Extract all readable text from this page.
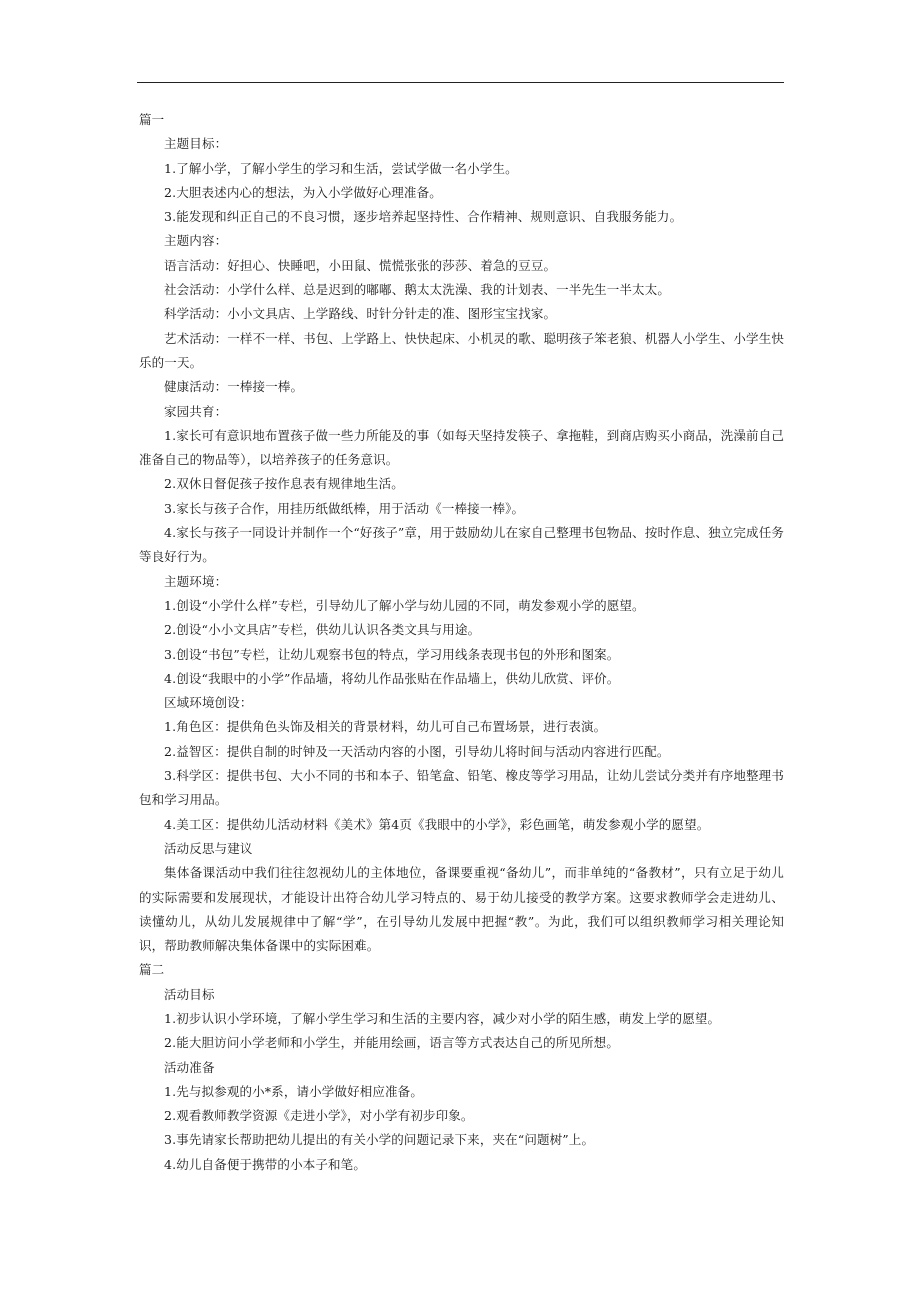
篇一

主题目标：

1.了解小学，了解小学生的学习和生活，尝试学做一名小学生。

2.大胆表述内心的想法，为入小学做好心理准备。

3.能发现和纠正自己的不良习惯，逐步培养起坚持性、合作精神、规则意识、自我服务能力。

主题内容：

语言活动：好担心、快睡吧，小田鼠、慌慌张张的莎莎、着急的豆豆。

社会活动：小学什么样、总是迟到的嘟嘟、鹅太太洗澡、我的计划表、一半先生一半太太。

科学活动：小小文具店、上学路线、时针分针走的准、图形宝宝找家。

艺术活动：一样不一样、书包、上学路上、快快起床、小机灵的歌、聪明孩子笨老狼、机器人小学生、小学生快乐的一天。

健康活动：一棒接一棒。

家园共育：

1.家长可有意识地布置孩子做一些力所能及的事（如每天坚持发筷子、拿拖鞋，到商店购买小商品，洗澡前自己准备自己的物品等），以培养孩子的任务意识。

2.双休日督促孩子按作息表有规律地生活。

3.家长与孩子合作，用挂历纸做纸棒，用于活动《一棒接一棒》。

4.家长与孩子一同设计并制作一个“好孩子”章，用于鼓励幼儿在家自己整理书包物品、按时作息、独立完成任务等良好行为。

主题环境：

1.创设“小学什么样”专栏，引导幼儿了解小学与幼儿园的不同，萌发参观小学的愿望。

2.创设“小小文具店”专栏，供幼儿认识各类文具与用途。

3.创设“书包”专栏，让幼儿观察书包的特点，学习用线条表现书包的外形和图案。

4.创设“我眼中的小学”作品墙，将幼儿作品张贴在作品墙上，供幼儿欣赏、评价。

区域环境创设：

1.角色区：提供角色头饰及相关的背景材料，幼儿可自己布置场景，进行表演。

2.益智区：提供自制的时钟及一天活动内容的小图，引导幼儿将时间与活动内容进行匹配。

3.科学区：提供书包、大小不同的书和本子、铅笔盒、铅笔、橡皮等学习用品，让幼儿尝试分类并有序地整理书包和学习用品。

4.美工区：提供幼儿活动材料《美术》第4页《我眼中的小学》，彩色画笔，萌发参观小学的愿望。

活动反思与建议

集体备课活动中我们往往忽视幼儿的主体地位，备课要重视“备幼儿”，而非单纯的“备教材”，只有立足于幼儿的实际需要和发展现状，才能设计出符合幼儿学习特点的、易于幼儿接受的教学方案。这要求教师学会走进幼儿、读懂幼儿，从幼儿发展规律中了解“学”，在引导幼儿发展中把握“教”。为此，我们可以组织教师学习相关理论知识，帮助教师解决集体备课中的实际困难。

篇二

活动目标

1.初步认识小学环境，了解小学生学习和生活的主要内容，减少对小学的陌生感，萌发上学的愿望。

2.能大胆访问小学老师和小学生，并能用绘画，语言等方式表达自己的所见所想。

活动准备

1.先与拟参观的小*系，请小学做好相应准备。

2.观看教师教学资源《走进小学》，对小学有初步印象。

3.事先请家长帮助把幼儿提出的有关小学的问题记录下来，夹在“问题树”上。

4.幼儿自备便于携带的小本子和笔。
